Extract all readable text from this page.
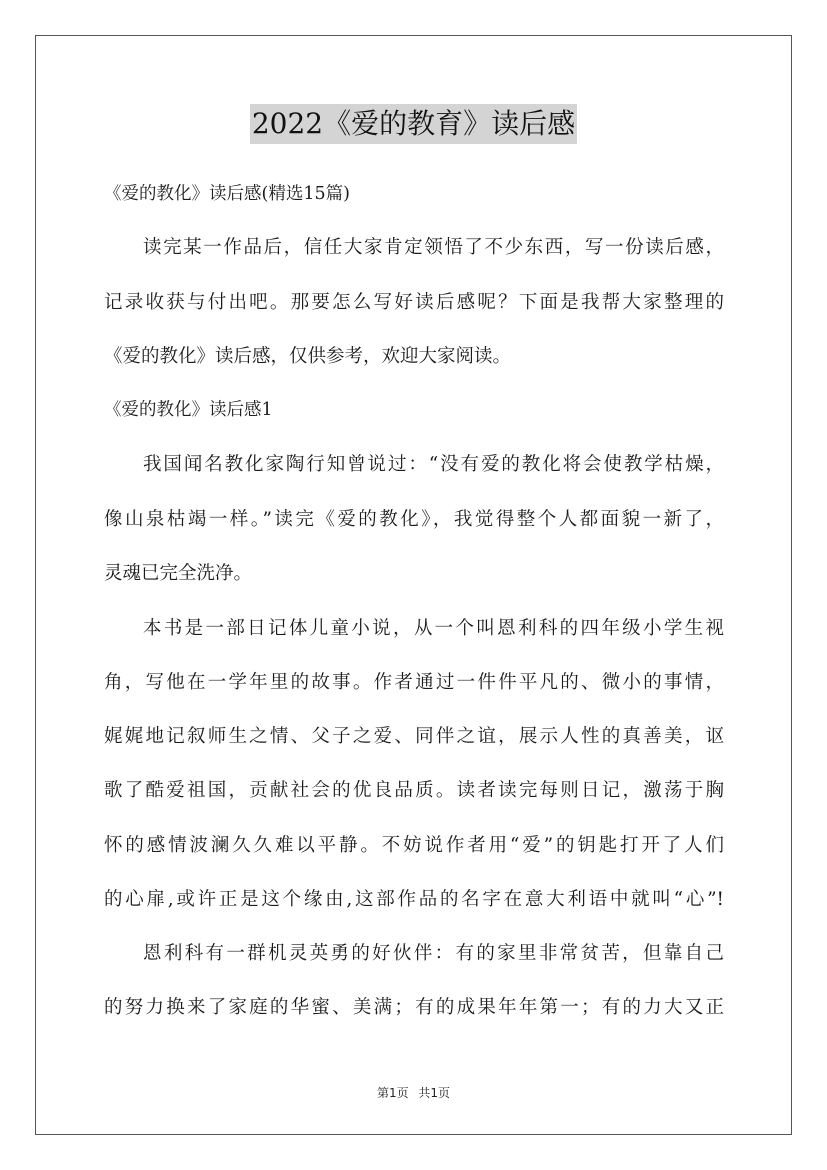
2022《爱的教育》读后感
《爱的教化》读后感(精选15篇)
读完某一作品后，信任大家肯定领悟了不少东西，写一份读后感，
记录收获与付出吧。那要怎么写好读后感呢？下面是我帮大家整理的
《爱的教化》读后感，仅供参考，欢迎大家阅读。
《爱的教化》读后感1
我国闻名教化家陶行知曾说过：“没有爱的教化将会使教学枯燥，
像山泉枯竭一样。”读完《爱的教化》，我觉得整个人都面貌一新了，
灵魂已完全洗净。
本书是一部日记体儿童小说，从一个叫恩利科的四年级小学生视
角，写他在一学年里的故事。作者通过一件件平凡的、微小的事情，
娓娓地记叙师生之情、父子之爱、同伴之谊，展示人性的真善美，讴
歌了酷爱祖国，贡献社会的优良品质。读者读完每则日记，激荡于胸
怀的感情波澜久久难以平静。不妨说作者用“爱”的钥匙打开了人们
的心扉,或许正是这个缘由,这部作品的名字在意大利语中就叫“心”!
恩利科有一群机灵英勇的好伙伴：有的家里非常贫苦，但靠自己
的努力换来了家庭的华蜜、美满；有的成果年年第一；有的力大又正
第1页 共1页
